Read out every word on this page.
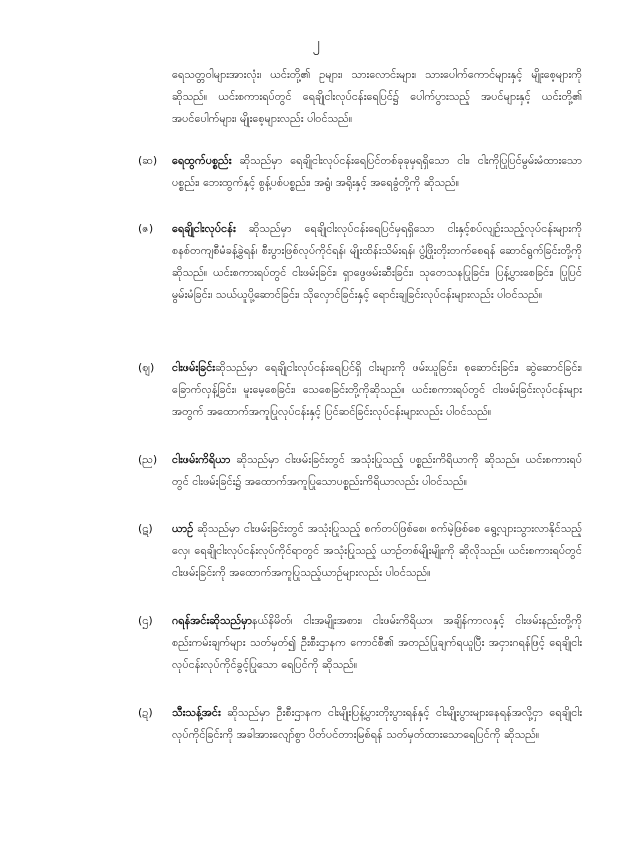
၂
ရေသတ္တဝါများအားလုံး၊ ယင်းတို့၏ ဥများ၊ သားလောင်းများ၊ သားပေါက်ကောင်များနှင့် မျိုးစေ့များကိုဆိုသည်။ ယင်းစကားရပ်တွင် ရေချိုငါးလုပ်ငန်းရေပြင်၌ ပေါက်ပွားသည့် အပင်များနှင့် ယင်းတို့၏ အပင်ပေါက်များ၊ မျိုးစေ့များလည်း ပါဝင်သည်။
(ဆ) ရေထွက်ပစ္စည်း ဆိုသည်မှာ ရေချိုငါးလုပ်ငန်းရေပြင်တစ်ခုခုမှရရှိသော ငါး၊ ငါးကိုပြုပြင်မွမ်းမံထားသောပစ္စည်း၊ ဘေးထွက်နှင့် စွန့်ပစ်ပစ္စည်း၊ အရွံ၊ အရိုးနှင့် အရေခွံတို့ကို ဆိုသည်။
(ဇ) ရေချိုငါးလုပ်ငန်း ဆိုသည်မှာ ရေချိုငါးလုပ်ငန်းရေပြင်မှရရှိသော ငါးနှင့်စပ်လျဉ်းသည့်လုပ်ငန်းများကို စနစ်တကျစီမံခန့်ခွဲရန်၊ စီးပွားဖြစ်လုပ်ကိုင်ရန်၊ မျိုးထိန်းသိမ်းရန်၊ ပွံ့ဖြိုးတိုးတက်စေရန် ဆောင်ရွက်ခြင်းတို့ကိုဆိုသည်။ ယင်းစကားရပ်တွင် ငါးဖမ်းခြင်း၊ ရှာဖွေဖမ်းဆီးခြင်း၊ သုတေသနပြုခြင်း၊ ပြန့်ပွားစေခြင်း၊ ပြုပြင်မွမ်းမံခြင်း၊ သယ်ယူပို့ဆောင်ခြင်း၊ သိုလှောင်ခြင်းနှင့် ရောင်းချခြင်းလုပ်ငန်းများလည်း ပါဝင်သည်။
(ဈ) ငါးဖမ်းခြင်းဆိုသည်မှာ ရေချိုငါးလုပ်ငန်းရေပြင်ရှိ ငါးများကို ဖမ်းယူခြင်း၊ စုဆောင်းခြင်း၊ ဆွဲဆောင်ခြင်း၊ ခြောက်လှန့်ခြင်း၊ မူးမေ့စေခြင်း၊ သေစေခြင်းတို့ကိုဆိုသည်။ ယင်းစကားရပ်တွင် ငါးဖမ်းခြင်းလုပ်ငန်းများအတွက် အထောက်အကူပြုလုပ်ငန်းနှင့် ပြင်ဆင်ခြင်းလုပ်ငန်းများလည်း ပါဝင်သည်။
(ည) ငါးဖမ်းကိရိယာ ဆိုသည်မှာ ငါးဖမ်းခြင်းတွင် အသုံးပြုသည့် ပစ္စည်းကိရိယာကို ဆိုသည်။ ယင်းစကားရပ်တွင် ငါးဖမ်းခြင်း၌ အထောက်အကူပြုသောပစ္စည်းကိရိယာလည်း ပါဝင်သည်။
(ဋ) ယာဉ် ဆိုသည်မှာ ငါးဖမ်းခြင်းတွင် အသုံးပြုသည့် စက်တပ်ဖြစ်စေ၊ စက်မဲ့ဖြစ်စေ ရွေ့လျားသွားလာနိုင်သည့် လှေ၊ ရေချိုငါးလုပ်ငန်းလုပ်ကိုင်ရာတွင် အသုံးပြုသည့် ယာဉ်တစ်မျိုးမျိုးကို ဆိုလိုသည်။ ယင်းစကားရပ်တွင် ငါးဖမ်းခြင်းကို အထောက်အကူပြုသည့်ယာဉ်များလည်း ပါဝင်သည်။
(ဌ) ဂရန်အင်းဆိုသည်မှာနယ်နိမိတ်၊ ငါးအမျိုးအစား၊ ငါးဖမ်းကိရိယာ၊ အချိန်ကာလနှင့် ငါးဖမ်းနည်းတို့ကို စည်းကမ်းချက်များ သတ်မှတ်၍ ဦးစီးဌာနက ကောင်စီ၏ အတည်ပြုချက်ရယူပြီး အငှားဂရန်ဖြင့် ရေချိုငါးလုပ်ငန်းလုပ်ကိုင်ခွင့်ပြုသော ရေပြင်ကို ဆိုသည်။
(ဍ) သီးသန့်အင်း ဆိုသည်မှာ ဦးစီးဌာနက ငါးမျိုးပြန့်ပွားတိုးပွားရန်နှင့် ငါးမျိုးပွားများနေရန်အလို့ငှာ ရေချိုငါးလုပ်ကိုင်ခြင်းကို အခါအားလျော်စွာ ပိတ်ပင်တားမြစ်ရန် သတ်မှတ်ထားသောရေပြင်ကို ဆိုသည်။
